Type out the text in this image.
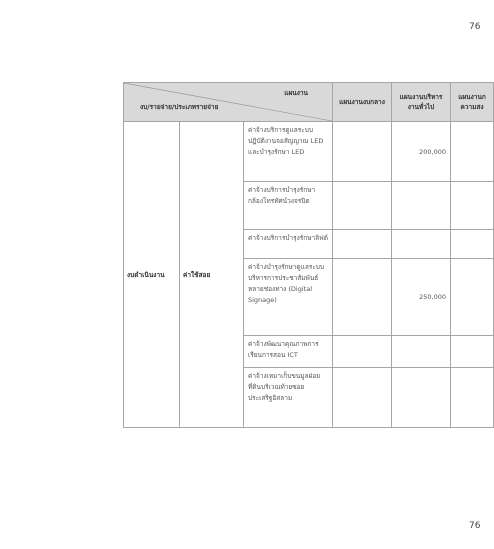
76
แผนงาน
งบ/รายจ่าย/ประเภทรายจ่าย			แผนงานงบกลาง	แผนงานบริหารงานทั่วไป	แผนงานก ความสง
งบดำเนินงาน	ค่าใช้สอย	ค่าจ้างบริการดูแลระบบปฏิบัติงานจอสัญญาณ LED และบำรุงรักษา LED		200,000	
		ค่าจ้างบริการบำรุงรักษากล้องโทรทัศน์วงจรปิด			
		ค่าจ้างบริการบำรุงรักษาลิฟต์			
		ค่าจ้างบำรุงรักษาดูแลระบบบริหารการประชาสัมพันธ์ หลายช่องทาง (Digital Signage)		250,000	
		ค่าจ้างพัฒนาคุณภาพการเรียนการสอน ICT			
		ค่าจ้างเหมาเก็บขนมูลฝอยที่ดินบริเวณท้ายซอยประเสริฐอิสลาม			
76
